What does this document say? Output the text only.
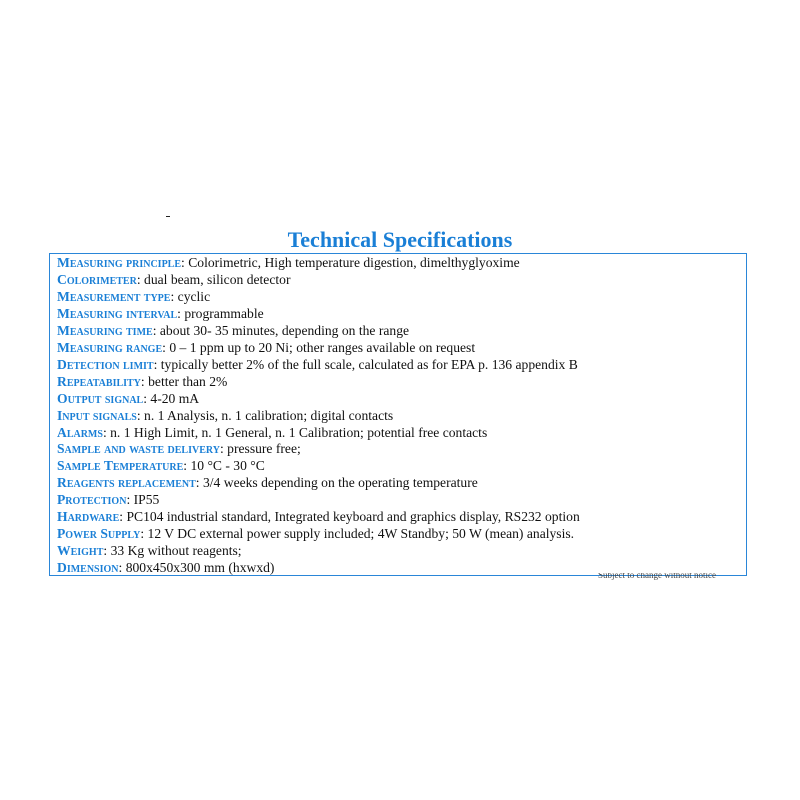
Technical Specifications
Measuring principle: Colorimetric, High temperature digestion, dimelthyglyoxime
Colorimeter: dual beam, silicon detector
Measurement type: cyclic
Measuring interval: programmable
Measuring time: about 30- 35 minutes, depending on the range
Measuring range: 0 – 1 ppm up to 20 Ni; other ranges available on request
Detection limit: typically better 2% of the full scale, calculated as for EPA p. 136 appendix B
Repeatability: better than 2%
Output signal: 4-20 mA
Input signals: n. 1 Analysis, n. 1 calibration; digital contacts
Alarms: n. 1 High Limit, n. 1 General, n. 1 Calibration; potential free contacts
Sample and waste delivery: pressure free;
Sample Temperature: 10 °C - 30 °C
Reagents replacement: 3/4 weeks depending on the operating temperature
Protection: IP55
Hardware: PC104 industrial standard, Integrated keyboard and graphics display, RS232 option
Power Supply: 12 V DC external power supply included; 4W Standby; 50 W (mean) analysis.
Weight: 33 Kg without reagents;
Dimension: 800x450x300 mm (hxwxd)	Subject to change without notice
